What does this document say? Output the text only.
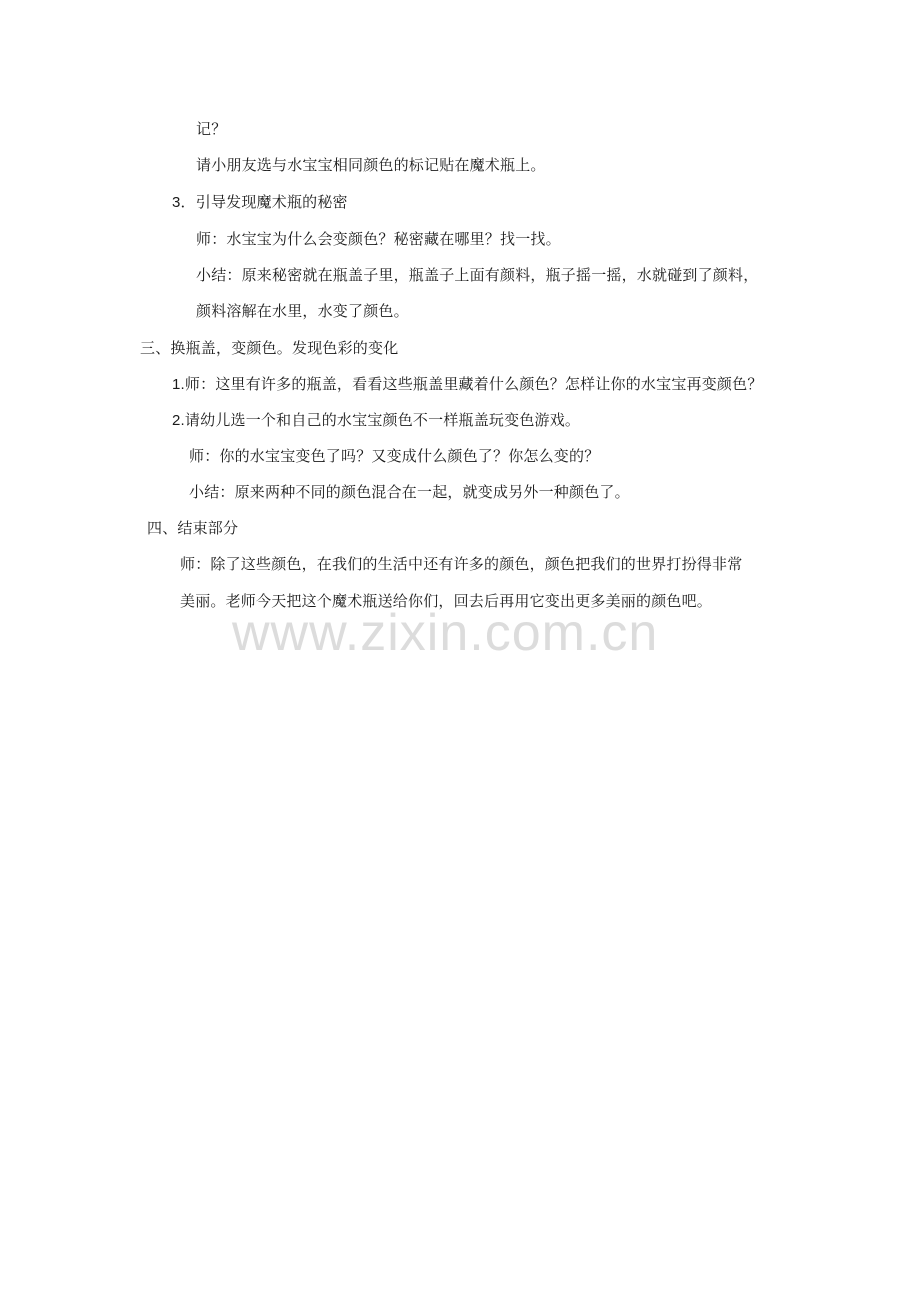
记？
请小朋友选与水宝宝相同颜色的标记贴在魔术瓶上。
3．引导发现魔术瓶的秘密
师：水宝宝为什么会变颜色？秘密藏在哪里？找一找。
小结：原来秘密就在瓶盖子里，瓶盖子上面有颜料，瓶子摇一摇，水就碰到了颜料，
颜料溶解在水里，水变了颜色。
三、换瓶盖，变颜色。发现色彩的变化
1.师：这里有许多的瓶盖，看看这些瓶盖里藏着什么颜色？怎样让你的水宝宝再变颜色？
2.请幼儿选一个和自己的水宝宝颜色不一样瓶盖玩变色游戏。
师：你的水宝宝变色了吗？又变成什么颜色了？你怎么变的？
小结：原来两种不同的颜色混合在一起，就变成另外一种颜色了。
四、结束部分
师：除了这些颜色，在我们的生活中还有许多的颜色，颜色把我们的世界打扮得非常
美丽。老师今天把这个魔术瓶送给你们，回去后再用它变出更多美丽的颜色吧。
www.zixin.com.cn
